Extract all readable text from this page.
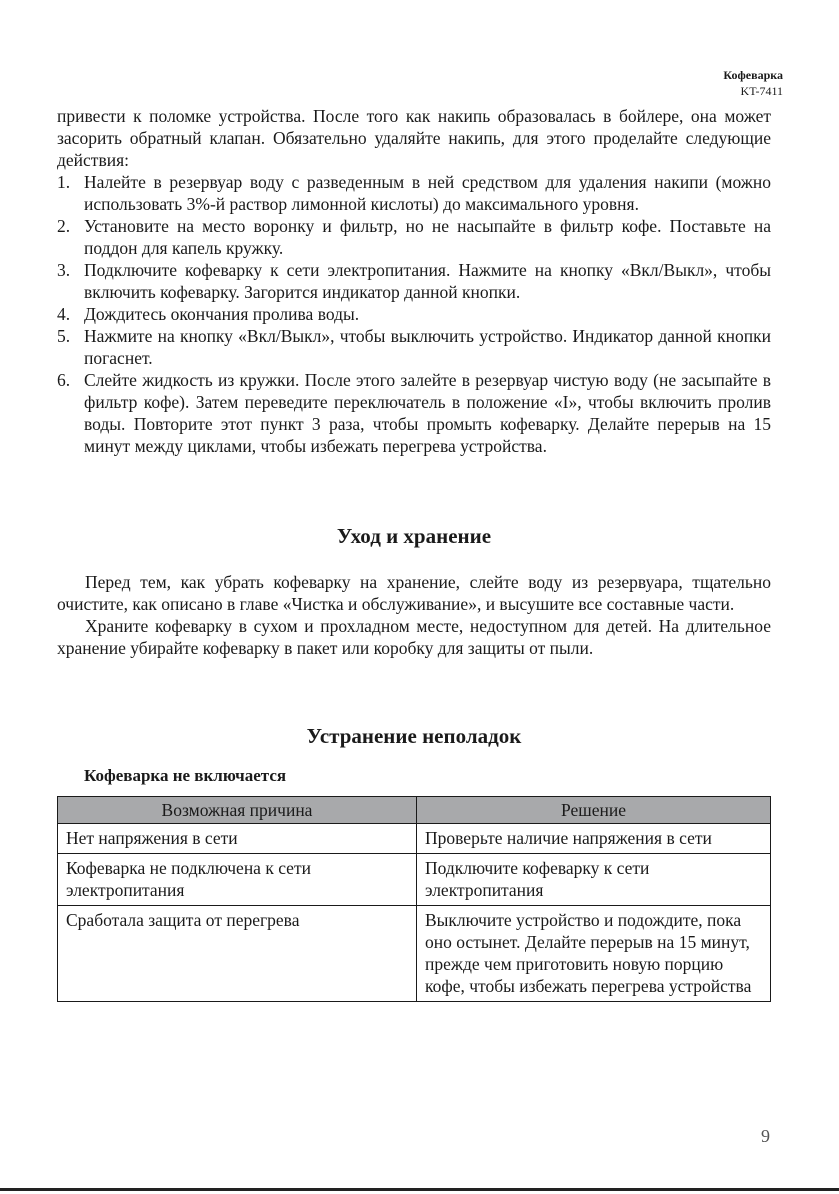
Кофеварка
KT-7411

привести к поломке устройства. После того как накипь образовалась в бойлере, она может засорить обратный клапан. Обязательно удаляйте накипь, для этого проделайте следующие действия:

1. Налейте в резервуар воду с разведенным в ней средством для удаления накипи (можно использовать 3%-й раствор лимонной кислоты) до максимального уровня.
2. Установите на место воронку и фильтр, но не насыпайте в фильтр кофе. Поставьте на поддон для капель кружку.
3. Подключите кофеварку к сети электропитания. Нажмите на кнопку «Вкл/Выкл», чтобы включить кофеварку. Загорится индикатор данной кнопки.
4. Дождитесь окончания пролива воды.
5. Нажмите на кнопку «Вкл/Выкл», чтобы выключить устройство. Индикатор данной кнопки погаснет.
6. Слейте жидкость из кружки. После этого залейте в резервуар чистую воду (не засыпайте в фильтр кофе). Затем переведите переключатель в положение «I», чтобы включить пролив воды. Повторите этот пункт 3 раза, чтобы промыть кофеварку. Делайте перерыв на 15 минут между циклами, чтобы избежать перегрева устройства.
Уход и хранение

Перед тем, как убрать кофеварку на хранение, слейте воду из резервуара, тщательно очистите, как описано в главе «Чистка и обслуживание», и высушите все составные части.

Храните кофеварку в сухом и прохладном месте, недоступном для детей. На длительное хранение убирайте кофеварку в пакет или коробку для защиты от пыли.

Устранение неполадок
Кофеварка не включается
Возможная причина	Решение
Нет напряжения в сети	Проверьте наличие напряжения в сети
Кофеварка не подключена к сети электропитания	Подключите кофеварку к сети электропитания
Сработала защита от перегрева	Выключите устройство и подождите, пока оно остынет. Делайте перерыв на 15 минут, прежде чем приготовить новую порцию кофе, чтобы избежать перегрева устройства
9
